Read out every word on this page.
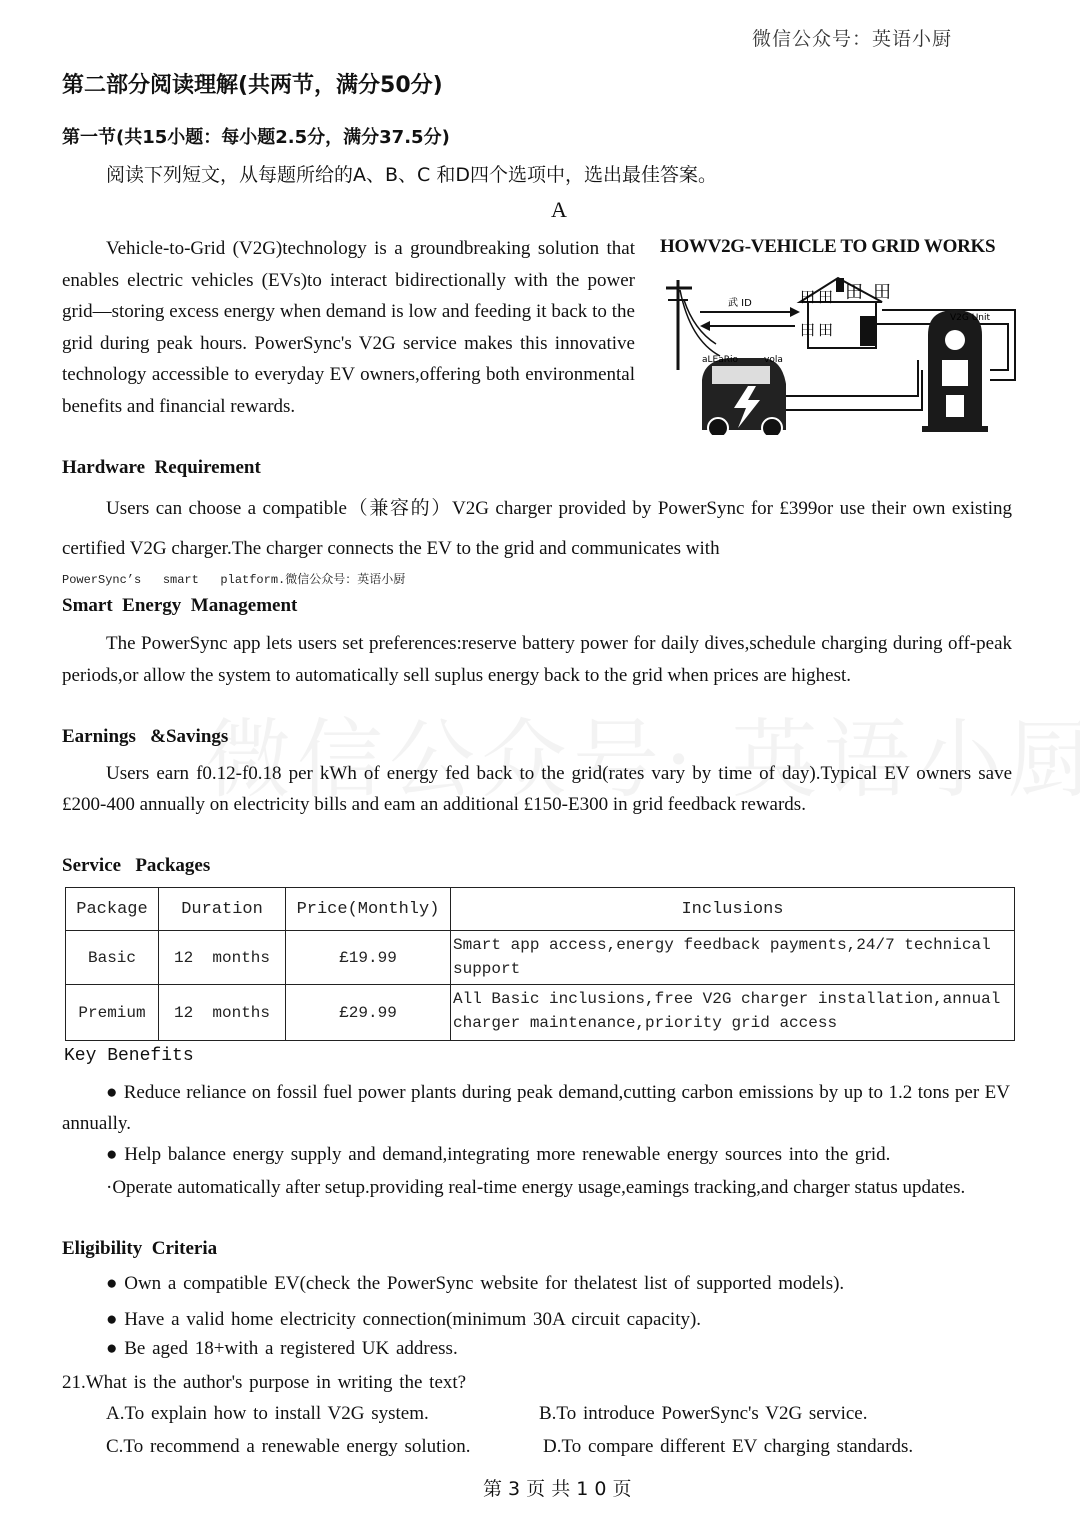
微信公众号：英语小厨
第二部分阅读理解(共两节，满分50分)
第一节(共15小题：每小题2.5分，满分37.5分)
阅读下列短文，从每题所给的A、B、C 和D四个选项中，选出最佳答案。
A
Vehicle-to-Grid (V2G)technology is a groundbreaking solution that enables electric vehicles (EVs)to interact bidirectionally with the power grid—storing excess energy when demand is low and feeding it back to the grid during peak hours. PowerSync's V2G service makes this innovative technology accessible to everyday EV owners,offering both environmental benefits and financial rewards.
HOWV2G-VEHICLE TO GRID WORKS
武 ID	田 田 田 田
田 田
V2G Unit
aLEaRio	vola
Hardware  Requirement
Users can choose a compatible（兼容的）V2G charger provided by PowerSync for £399or use their own existing certified V2G charger.The charger connects the EV to the grid and communicates with
PowerSync’s   smart   platform.微信公众号：英语小厨
Smart  Energy  Management
The PowerSync app lets users set preferences:reserve battery power for daily dives,schedule charging during off-peak periods,or allow the system to automatically sell suplus energy back to the grid when prices are highest.
Earnings   &Savings
Users earn f0.12-f0.18 per kWh of energy fed back to the grid(rates vary by time of day).Typical EV owners save £200-400 annually on electricity bills and eam an additional £150-E300 in grid feedback rewards.
Service   Packages
Package	Duration	Price(Monthly)	Inclusions
Basic	12  months	£19.99	Smart app access,energy feedback payments,24/7 technical support
Premium	12  months	£29.99	All Basic inclusions,free V2G charger installation,annual charger maintenance,priority grid access
Key Benefits
● Reduce reliance on fossil fuel power plants during peak demand,cutting carbon emissions by up to 1.2 tons per EV annually.
● Help balance energy supply and demand,integrating more renewable energy sources into the grid.
·Operate automatically after setup.providing real-time energy usage,eamings tracking,and charger status updates.
Eligibility  Criteria
● Own a compatible EV(check the PowerSync website for thelatest list of supported models).
● Have a valid home electricity connection(minimum 30A circuit capacity).
● Be aged 18+with a registered UK address.
21.What is the author's purpose in writing the text?
A.To explain how to install V2G system.	B.To introduce PowerSync's V2G service.
C.To recommend a renewable energy solution.	D.To compare different EV charging standards.
第 3 页 共 1 0 页
